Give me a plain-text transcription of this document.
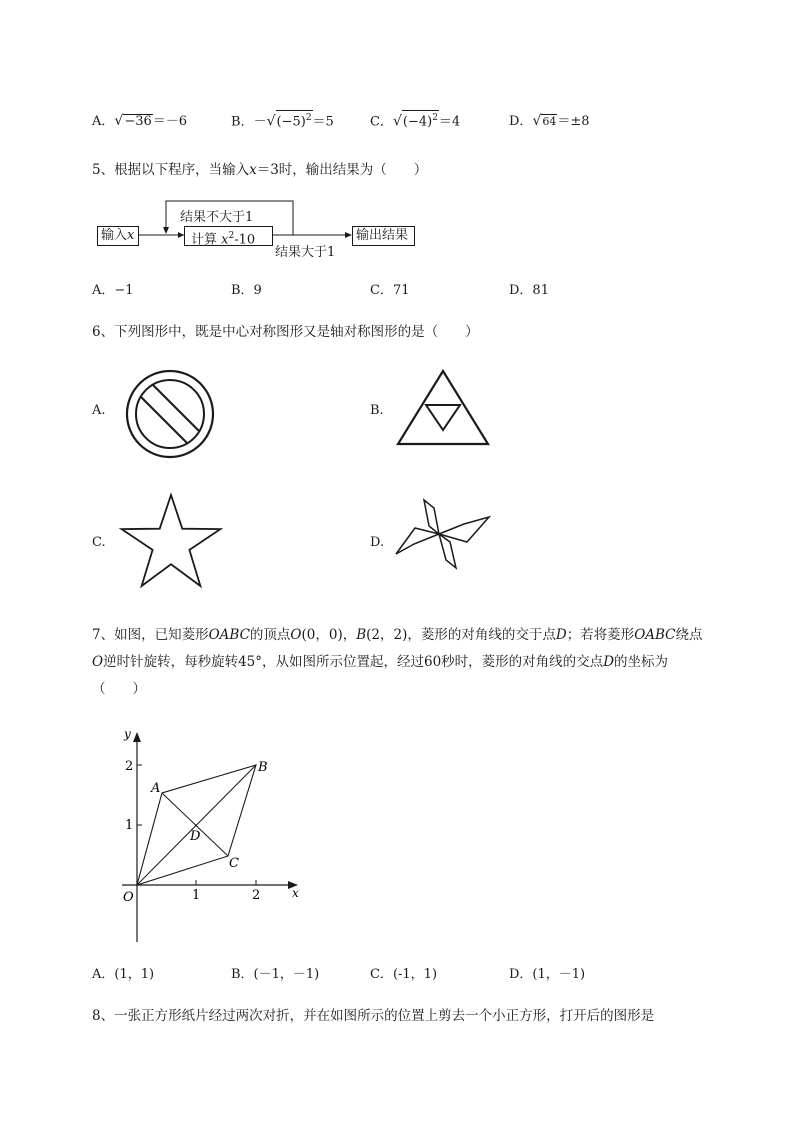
A．√−36＝－6	B．$-√(-5)^2=5$	C．$√(-4)^2=4$	D．√64＝±8
5、根据以下程序，当输入x＝3时，输出结果为（　　）
输入x
结果不大于1
计算 $x^2-10$
结果大于1
输出结果
A．−1	B．9	C．71	D．81
6、下列图形中，既是中心对称图形又是轴对称图形的是（　　）
A.	B.
C.	D.
7、如图，已知菱形OABC的顶点O(0，0)，B(2，2)，菱形的对角线的交于点D；若将菱形OABC绕点
O逆时针旋转，每秒旋转45°，从如图所示位置起，经过60秒时，菱形的对角线的交点D的坐标为
（　　）
y
x
O
1
2
1	2
A
B
C
D
A．(1，1)	B．(－1，－1)	C．(-1，1)	D．(1，－1)
8、一张正方形纸片经过两次对折，并在如图所示的位置上剪去一个小正方形，打开后的图形是
